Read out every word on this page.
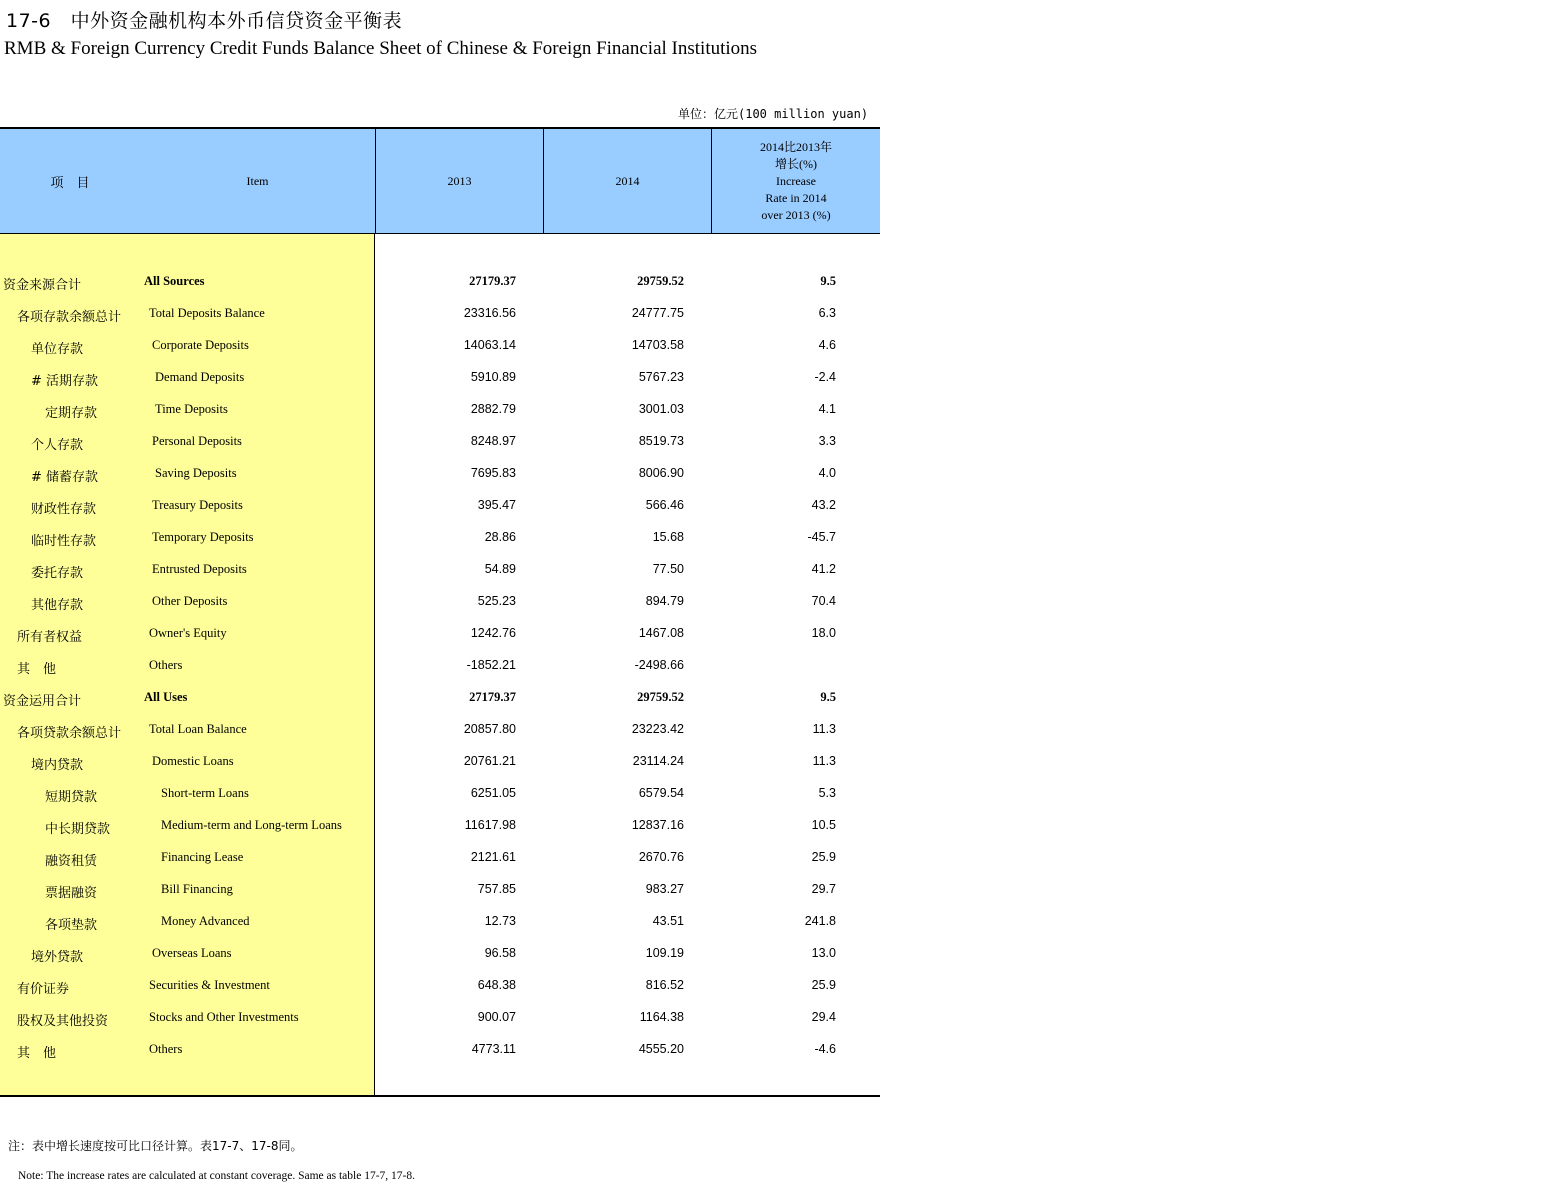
17-6　中外资金融机构本外币信贷资金平衡表
RMB & Foreign Currency Credit Funds Balance Sheet of Chinese & Foreign Financial Institutions
单位：亿元(100 million yuan)
项　目	Item	2013	2014
2014比2013年
增长(%)
Increase
Rate in 2014
over 2013 (%)
资金来源合计	All Sources	27179.37	29759.52	9.5
各项存款余额总计 Total Deposits Balance	23316.56	24777.75	6.3
单位存款	Corporate Deposits	14063.14	14703.58	4.6
# 活期存款	Demand Deposits	5910.89	5767.23	-2.4
定期存款	Time Deposits	2882.79	3001.03	4.1
个人存款	Personal Deposits	8248.97	8519.73	3.3
# 储蓄存款	Saving Deposits	7695.83	8006.90	4.0
财政性存款	Treasury Deposits	395.47	566.46	43.2
临时性存款	Temporary Deposits	28.86	15.68	-45.7
委托存款	Entrusted Deposits	54.89	77.50	41.2
其他存款	Other Deposits	525.23	894.79	70.4
所有者权益	Owner's Equity	1242.76	1467.08	18.0
其　他	Others	-1852.21	-2498.66
资金运用合计	All Uses	27179.37	29759.52	9.5
各项贷款余额总计 Total Loan Balance	20857.80	23223.42	11.3
境内贷款	Domestic Loans	20761.21	23114.24	11.3
短期贷款	Short-term Loans	6251.05	6579.54	5.3
中长期贷款	Medium-term and Long-term Loans	11617.98	12837.16	10.5
融资租赁	Financing Lease	2121.61	2670.76	25.9
票据融资	Bill Financing	757.85	983.27	29.7
各项垫款	Money Advanced	12.73	43.51	241.8
境外贷款	Overseas Loans	96.58	109.19	13.0
有价证券	Securities & Investment	648.38	816.52	25.9
股权及其他投资	Stocks and Other Investments	900.07	1164.38	29.4
其　他	Others	4773.11	4555.20	-4.6
注：表中增长速度按可比口径计算。表17-7、17-8同。
Note: The increase rates are calculated at constant coverage. Same as table 17-7, 17-8.
